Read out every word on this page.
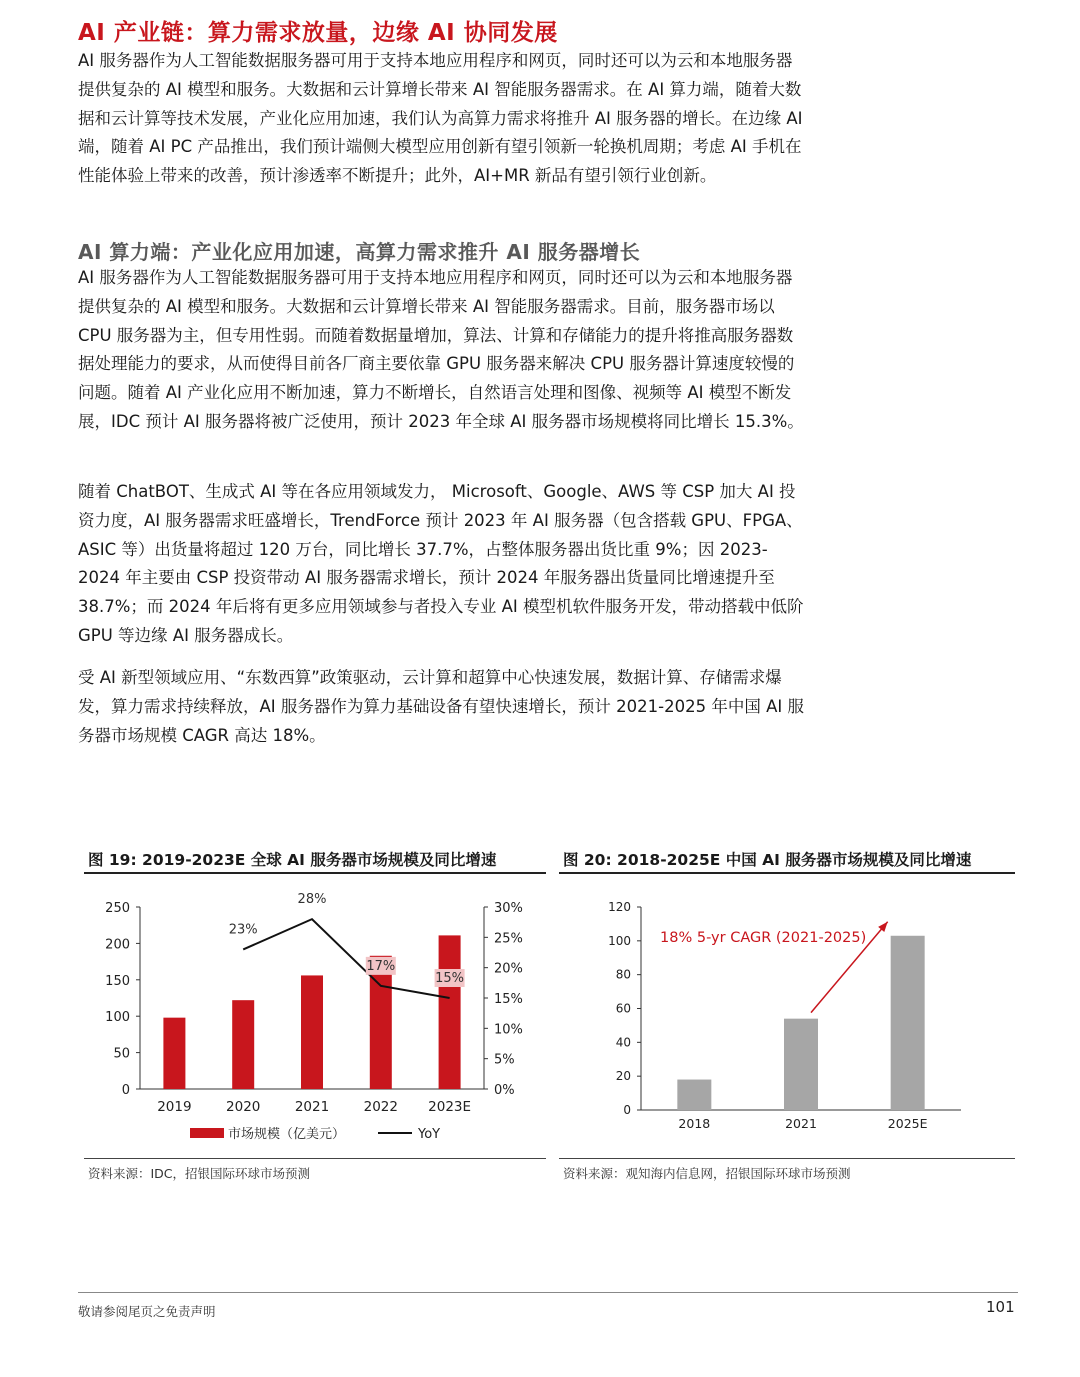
AI 产业链：算力需求放量，边缘 AI 协同发展

AI 服务器作为人工智能数据服务器可用于支持本地应用程序和网页，同时还可以为云和本地服务器提供复杂的 AI 模型和服务。大数据和云计算增长带来 AI 智能服务器需求。在 AI 算力端，随着大数据和云计算等技术发展，产业化应用加速，我们认为高算力需求将推升 AI 服务器的增长。在边缘 AI 端，随着 AI PC 产品推出，我们预计端侧大模型应用创新有望引领新一轮换机周期；考虑 AI 手机在性能体验上带来的改善，预计渗透率不断提升；此外，AI+MR 新品有望引领行业创新。

AI 算力端：产业化应用加速，高算力需求推升 AI 服务器增长

AI 服务器作为人工智能数据服务器可用于支持本地应用程序和网页，同时还可以为云和本地服务器提供复杂的 AI 模型和服务。大数据和云计算增长带来 AI 智能服务器需求。目前，服务器市场以 CPU 服务器为主，但专用性弱。而随着数据量增加，算法、计算和存储能力的提升将推高服务器数据处理能力的要求，从而使得目前各厂商主要依靠 GPU 服务器来解决 CPU 服务器计算速度较慢的问题。随着 AI 产业化应用不断加速，算力不断增长，自然语言处理和图像、视频等 AI 模型不断发展，IDC 预计 AI 服务器将被广泛使用，预计 2023 年全球 AI 服务器市场规模将同比增长 15.3%。

随着 ChatBOT、生成式 AI 等在各应用领域发力， Microsoft、Google、AWS 等 CSP 加大 AI 投资力度，AI 服务器需求旺盛增长，TrendForce 预计 2023 年 AI 服务器（包含搭载 GPU、FPGA、ASIC 等）出货量将超过 120 万台，同比增长 37.7%，占整体服务器出货比重 9%；因 2023-2024 年主要由 CSP 投资带动 AI 服务器需求增长，预计 2024 年服务器出货量同比增速提升至 38.7%；而 2024 年后将有更多应用领域参与者投入专业 AI 模型机软件服务开发，带动搭载中低阶 GPU 等边缘 AI 服务器成长。

受 AI 新型领域应用、“东数西算”政策驱动，云计算和超算中心快速发展，数据计算、存储需求爆发，算力需求持续释放，AI 服务器作为算力基础设备有望快速增长，预计 2021-2025 年中国 AI 服务器市场规模 CAGR 高达 18%。

图 19: 2019-2023E 全球 AI 服务器市场规模及同比增速
0
50
100
150
200
250
0%
5%
10%
15%
20%
25%
30%
2019	2020	2021	2022 2023E
23%
28%
17%
15%
市场规模（亿美元）	YoY
资料来源：IDC，招银国际环球市场预测
图 20: 2018-2025E 中国 AI 服务器市场规模及同比增速
0
20
40
60
80
100
120
2018	2021	2025E
18% 5-yr CAGR (2021-2025)
资料来源：观知海内信息网，招银国际环球市场预测
敬请参阅尾页之免责声明	101
